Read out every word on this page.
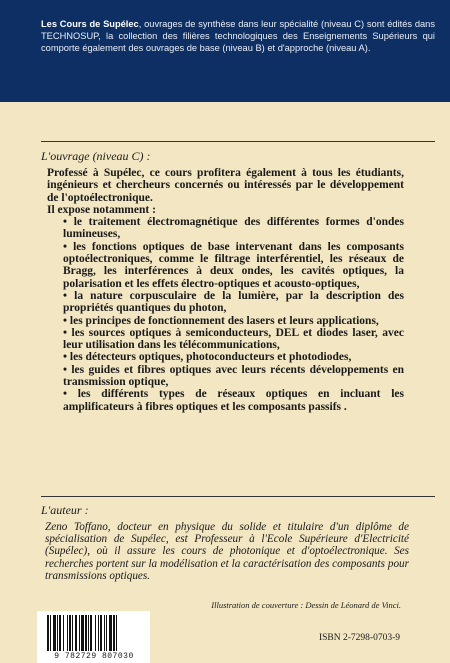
Les Cours de Supélec, ouvrages de synthèse dans leur spécialité (niveau C) sont édités dans TECHNOSUP, la collection des filières technologiques des Enseignements Supérieurs qui comporte également des ouvrages de base (niveau B) et d'approche (niveau A).

L'ouvrage (niveau C) :

Professé à Supélec, ce cours profitera également à tous les étudiants, ingénieurs et chercheurs concernés ou intéressés par le développement de l'optoélectronique.

Il expose notamment :

• le traitement électromagnétique des différentes formes d'ondes lumineuses,
• les fonctions optiques de base intervenant dans les composants optoélectroniques, comme le filtrage interférentiel, les réseaux de Bragg, les interférences à deux ondes, les cavités optiques, la polarisation et les effets électro-optiques et acousto-optiques,
• la nature corpusculaire de la lumière, par la description des propriétés quantiques du photon,
• les principes de fonctionnement des lasers et leurs applications,
• les sources optiques à semiconducteurs, DEL et diodes laser, avec leur utilisation dans les télécommunications,
• les détecteurs optiques, photoconducteurs et photodiodes,
• les guides et fibres optiques avec leurs récents développements en transmission optique,
• les différents types de réseaux optiques en incluant les amplificateurs à fibres optiques et les composants passifs .

L'auteur :

Zeno Toffano, docteur en physique du solide et titulaire d'un diplôme de spécialisation de Supélec, est Professeur à l'Ecole Supérieure d'Electricité (Supélec), où il assure les cours de photonique et d'optoélectronique. Ses recherches portent sur la modélisation et la caractérisation des composants pour transmissions optiques.

Illustration de couverture : Dessin de Léonard de Vinci.

9 782729 807030

ISBN 2-7298-0703-9
